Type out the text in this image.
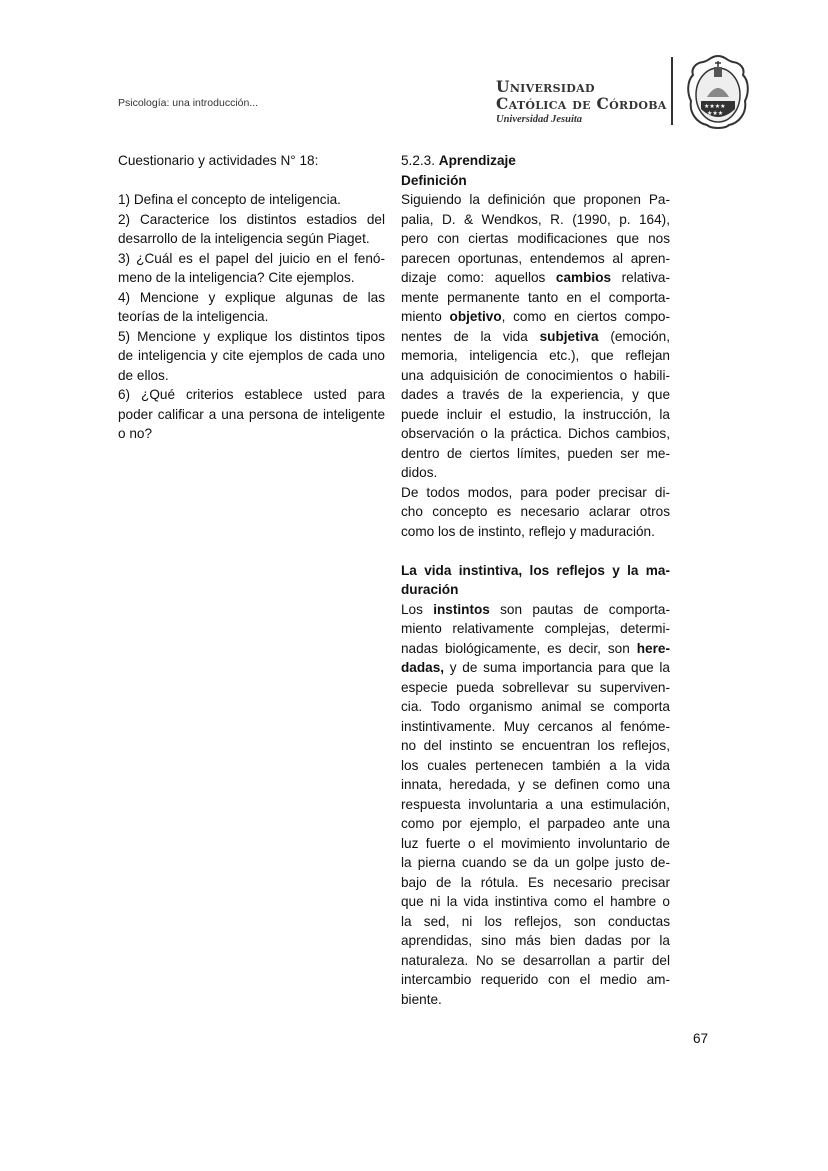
Psicología: una introducción...
Universidad
Católica de Córdoba
Universidad Jesuita
★★★★
★★★
Cuestionario y actividades N° 18:

1) Defina el concepto de inteligencia.
2) Caracterice los distintos estadios del
desarrollo de la inteligencia según Piaget.
3) ¿Cuál es el papel del juicio en el fenó-
meno de la inteligencia? Cite ejemplos.
4) Mencione y explique algunas de las
teorías de la inteligencia.
5) Mencione y explique los distintos tipos
de inteligencia y cite ejemplos de cada uno
de ellos.
6) ¿Qué criterios establece usted para
poder calificar a una persona de inteligente
o no?
5.2.3. Aprendizaje
Definición
Siguiendo la definición que proponen Pa-
palia, D. & Wendkos, R. (1990, p. 164),
pero con ciertas modificaciones que nos
parecen oportunas, entendemos al apren-
dizaje como: aquellos cambios relativa-
mente permanente tanto en el comporta-
miento objetivo, como en ciertos compo-
nentes de la vida subjetiva (emoción,
memoria, inteligencia etc.), que reflejan
una adquisición de conocimientos o habili-
dades a través de la experiencia, y que
puede incluir el estudio, la instrucción, la
observación o la práctica. Dichos cambios,
dentro de ciertos límites, pueden ser me-
didos.
De todos modos, para poder precisar di-
cho concepto es necesario aclarar otros
como los de instinto, reflejo y maduración.

La vida instintiva, los reflejos y la ma-
duración
Los instintos son pautas de comporta-
miento relativamente complejas, determi-
nadas biológicamente, es decir, son here-
dadas, y de suma importancia para que la
especie pueda sobrellevar su superviven-
cia. Todo organismo animal se comporta
instintivamente. Muy cercanos al fenóme-
no del instinto se encuentran los reflejos,
los cuales pertenecen también a la vida
innata, heredada, y se definen como una
respuesta involuntaria a una estimulación,
como por ejemplo, el parpadeo ante una
luz fuerte o el movimiento involuntario de
la pierna cuando se da un golpe justo de-
bajo de la rótula. Es necesario precisar
que ni la vida instintiva como el hambre o
la sed, ni los reflejos, son conductas
aprendidas, sino más bien dadas por la
naturaleza. No se desarrollan a partir del
intercambio requerido con el medio am-
biente.
67
